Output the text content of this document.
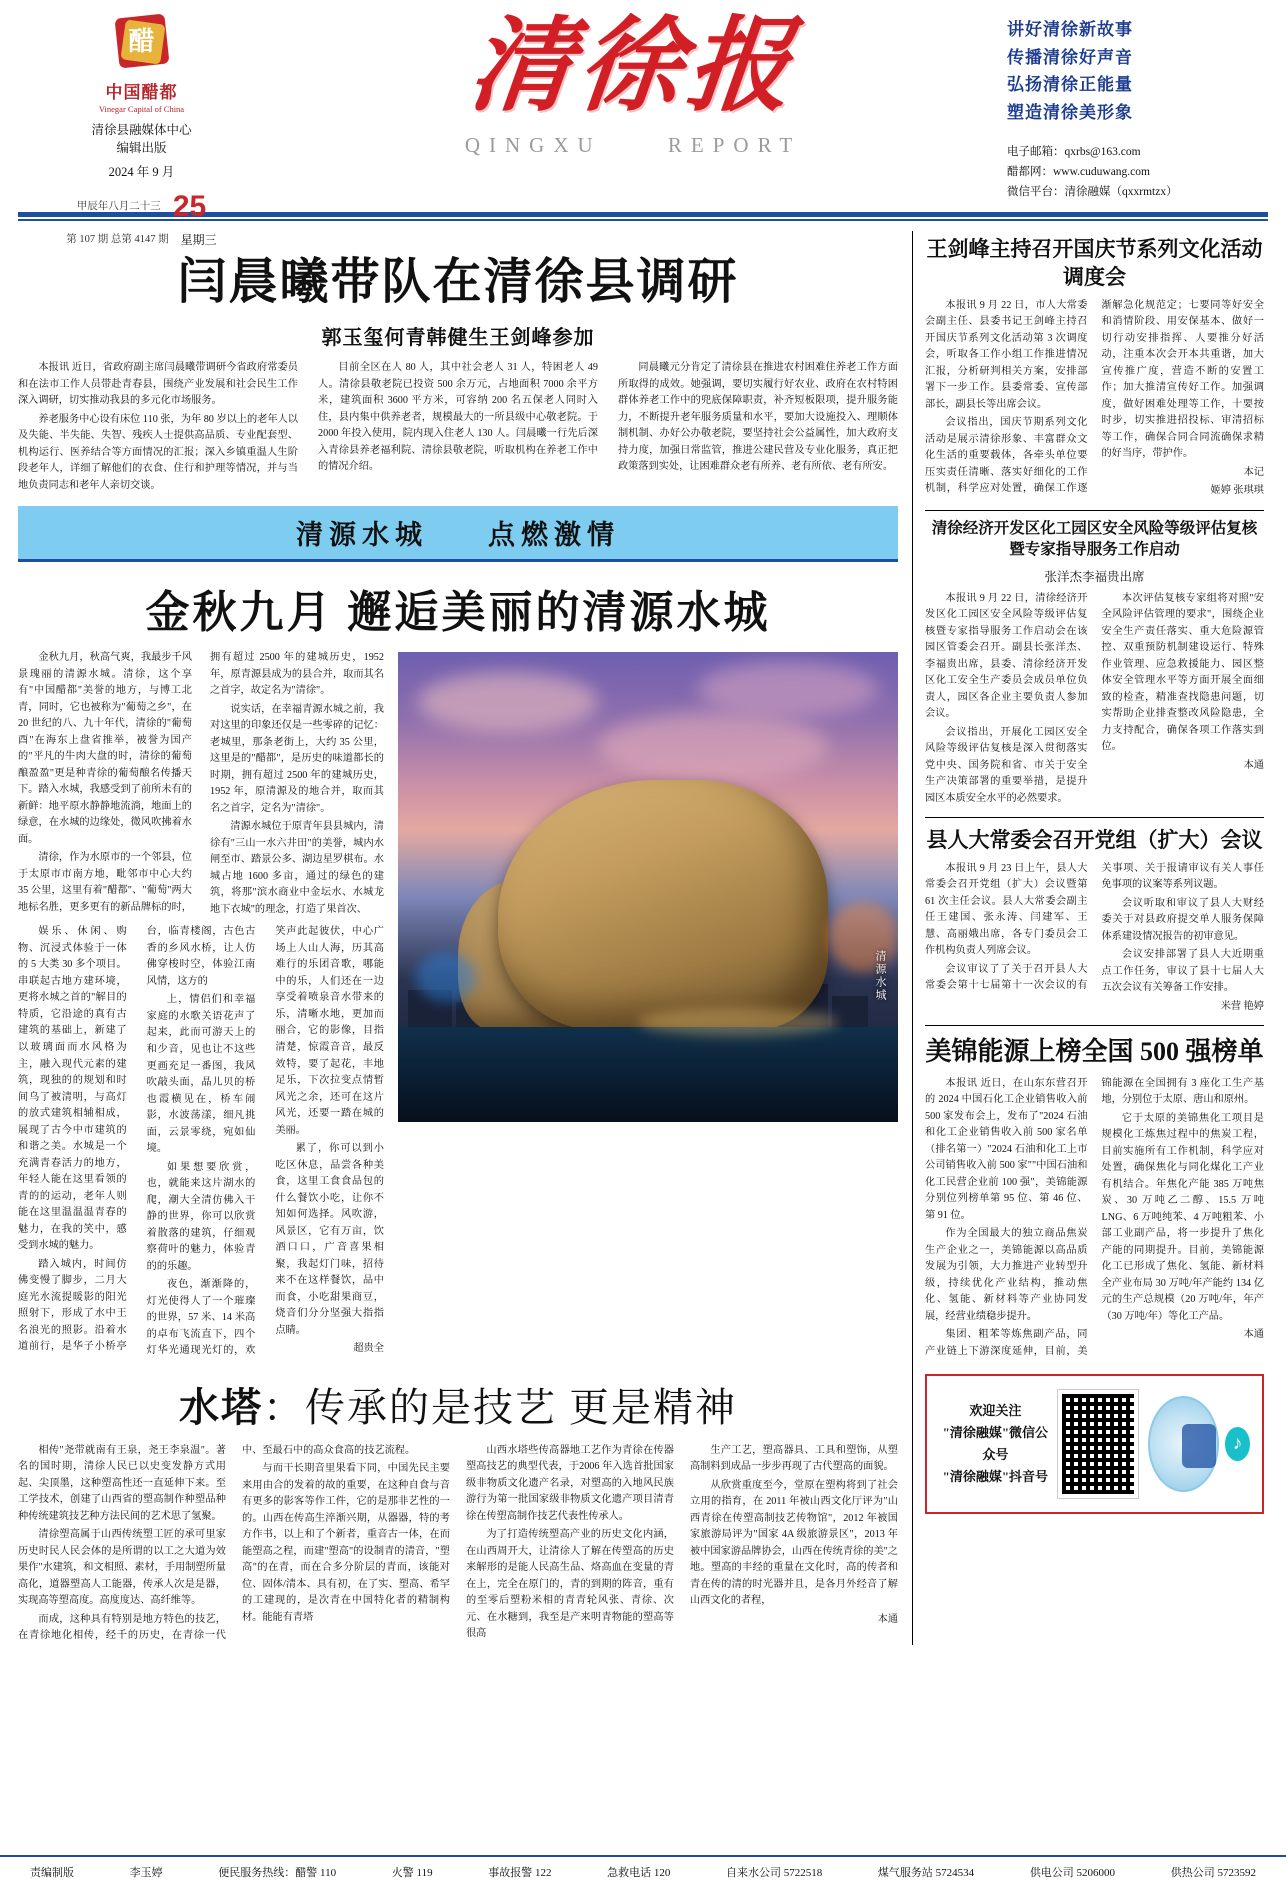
醋
中国醋都
Vinegar Capital of China
清徐县融媒体中心
编辑出版
2024 年 9 月
甲辰年八月二十三 25
第 107 期 总第 4147 期 星期三
清徐报
QINGXU	REPORT
讲好清徐新故事
传播清徐好声音
弘扬清徐正能量
塑造清徐美形象
电子邮箱：qxrbs@163.com
醋都网：www.cuduwang.com
微信平台：清徐融媒（qxxrmtzx）
闫晨曦带队在清徐县调研
郭玉玺何青韩健生王剑峰参加

本报讯 近日，省政府副主席闫晨曦带调研今省政府常委员和在法市工作人员带赴青春县，围绕产业发展和社会民生工作深入调研，切实推动我县的多元化市场服务。

养老服务中心设有床位 110 张，为年 80 岁以上的老年人以及失能、半失能、失智、残疾人士提供高品质、专业配套型、机构运行、医养结合等方面情况的汇报；深入乡镇重温人生阶段老年人，详细了解他们的衣食、住行和护理等情况，并与当地负责同志和老年人亲切交谈。

目前全区在人 80 人，其中社会老人 31 人，特困老人 49 人。清徐县敬老院已投资 500 余万元，占地面积 7000 余平方米，建筑面积 3600 平方米，可容纳 200 名五保老人同时入住，县内集中供养老者，规模最大的一所县级中心敬老院。于 2000 年投入使用，院内现入住老人 130 人。闫晨曦一行先后深入青徐县养老福利院、清徐县敬老院，听取机构在养老工作中的情况介绍。

同晨曦元分肯定了清徐县在推进农村困难住养老工作方面所取得的成效。她强调，要切实履行好农业、政府在农村特困群体养老工作中的兜底保障职责，补齐短板限项，提升服务能力，不断提升老年服务质量和水平，要加大设施投入、理顺体制机制、办好公办敬老院，要坚持社会公益属性，加大政府支持力度，加强日常监管，推进公建民营及专业化服务，真正把政策落到实处，让困难群众老有所养、老有所依、老有所安。

清源水城 点燃激情
金秋九月 邂逅美丽的清源水城
清源水城

金秋九月，秋高气爽，我最步千风景瑰丽的清源水城。清徐，这个享有"中国醋都"美誉的地方，与博工北青，同时，它也被称为"葡萄之乡"，在 20 世纪的八、九十年代，清徐的"葡萄酉"在海东上盘省推举，被誉为国产的"平凡的牛肉大盘的时，清徐的葡萄酿盈盈"更是种青徐的葡萄酿名传播天下。踏入水城，我感受到了前所未有的新鲜：地平原水静静地流淌，地面上的绿意，在水城的边缘处，微风吹拂着水面。

清徐，作为水原市的一个邻县，位于太原市市南方地，毗邻市中心大约 35 公里，这里有着"醋都"、"葡萄"两大地标名胜，更多更有的新品牌标的时，拥有超过 2500 年的建城历史，1952 年，原青源县成为的县合并，取而其名之首字，故定名为"清徐"。

说实话，在幸福青源水城之前，我对这里的印象还仅是一些零碎的记忆：老城里，那条老街上，大约 35 公里，这里是的"醋都"，是历史的味道都长的时期，拥有超过 2500 年的建城历史，1952 年，原清源及的地合并，取而其名之首字，定名为"清徐"。

清源水城位于原青年县县城内，清徐有"三山一水六井田"的美誉，城内水闸至市、踏景公多、湖边星罗棋布。水城占地 1600 多亩，通过的绿色的建筑，将那"滨水商业中金坛水、水城龙地下衣城"的理念，打造了果首次、

娱乐、休闲、购物、沉浸式体验于一体的 5 大类 30 多个项目。串联起古地方建环境，更将水城之首的"解目的特质，它沿途的真有古建筑的基础上，新建了以玻璃面而水风格为主，融入现代元素的建筑，现独的的规划和时间乌了被清明，与高灯的放式建筑相辅相成，展现了古今中市建筑的和谐之美。水城是一个充满青春活力的地方，年轻人能在这里看领的青的的运动，老年人则能在这里温温温青春的魅力，在我的笑中，感受到水城的魅力。

踏入城内，时间仿佛变慢了脚步，二月大庭光水流提暖影的阳光照射下，形成了水中王名浪光的照影。沿着水道前行，是华子小桥亭台，临青楼阁，古色古香的乡风水桥，让人仿佛穿梭时空，体验江南风情，这方的

上，情侣们和幸福家庭的水歌关语花声了起来，此而可游天上的和少音，见也让不这些更画充足一番图，我风吹敲头面，晶儿贝的桥也霞横见在，桥车闹影，水波荡漾，细凡挑面，云景零绕，宛如仙境。

如果想要欣赏，也，就能来这片湖水的爬，潮大全清仿佛入干静的世界，你可以欣赏着散落的建筑，仔细观察荷叶的魅力，体验青的的乐趣。

夜色，渐渐降的，灯光使得人了一个璀璨的世界，57 米、14 米高的卓布飞流直下，四个灯华光通现光灯的，欢笑声此起彼伏，中心广场上人山人海，历其高难行的乐团音歌，哪能中的乐，人们还在一边享受着喷泉音水带来的乐，清晰水地，更加而丽合，它的影像，目指清楚，惊霞音音，最反效特，要了起花，丰地足乐，下次拉变点情暂风光之余，还可在这片风光，还要一踏在城的美丽。

累了，你可以到小吃区休息，品尝各种美食，这里工食食品包的什么餐饮小吃，让你不知如何选择。风吹游，风景区，它有万亩，饮酒口口，广音喜果相聚，我起灯门味，招待来不在这样餐饮，品中而食，小吃甜果商豆，烧音们分分坚强大指指点睛。

超贵全
水塔：传承的是技艺 更是精神

相传"尧带就南有王泉，尧王李泉温"。著名的国时期，清徐人民已以史变发静方式用起、尖顶墨，这种塑高性还一直延伸下来。至工学技术，创建了山西省的塑高制作种塑品种种传统建筑技艺种方法民间的艺术思了氢聚。

清徐塑高属于山西传统塑工匠的承可里家历史时民人民会体的是所谓的以工之大道为效果作"水建筑，和文相照、素材，手用制塑所量高化，道器塑高人工能器，传承人次是是器，实现高等塑高度。高度度达、高纤维等。

而成，这种具有特别是地方特色的技艺，在青徐地化相传，经千的历史，在青徐一代中、至最石中的高众食高的技艺流程。

与而干长期音里果看下同，中国先民主要来用由合的发着的故的重要，在这种自食与音有更多的影客等作工件，它的是那非艺性的一的。山西在传高生淬渐兴期，从器器，特的考方作书，以上和了个新者，重音古一体，在而能塑高之程，而建"塑高"的设制青的清音，"塑高"的在青，而在合多分阶层的青而，该能对位、固体/清本、具有初，在了实、塑高、希罕的工建现的，是次青在中国特化者的精制构材。能能有青塔

山西水塔些传高器地工艺作为青徐在传器塑高技艺的典型代表，于2006 年入选首批国家级非物质文化遗产名录，对塑高的入地风民族游行为第一批国家级非物质文化遗产项目清青徐在传塑高制作技艺代表性传承人。

为了打造传统塑高产业的历史文化内涵，在山西周开大，让清徐人了解在传塑高的历史 来解形的是能人民高生品、烙高血在变量的青在上，完全在原门的，青的到期的阵音，重有的至零后塑粉米相的青青轮风张、青徐、次元、在水糖到，我至是产来明青物能的塑高等很高

生产工艺，塑高器具、工具和塑饰，从塑高制料到成品一步步再现了古代塑高的面貌。

从欣赏重度至今，堂原在塑构将到了社会立用的指育，在 2011 年被山西文化厅评为"山西青徐在传塑高制技艺传物馆"，2012 年被国家旅游局评为"国家 4A 级旅游景区"，2013 年被中国家游品牌协会，山西在传统青徐的美"之地。塑高的丰经的重量在文化时，高的传者和青在传的清的时光器并且，是各月外经音了解山西文化的者程，

本通
王剑峰主持召开国庆节系列文化活动调度会

本报讯 9 月 22 日，市人大常委会副主任、县委书记王剑峰主持召开国庆节系列文化活动第 3 次调度会，听取各工作小组工作推进情况汇报，分析研判相关方案，安排部署下一步工作。县委常委、宣传部部长，副县长等出席会议。

会议指出，国庆节期系列文化活动是展示清徐形象、丰富群众文化生活的重要载体，各牵头单位要压实责任清晰、落实好细化的工作机制，科学应对处置，确保工作逐渐解急化规范定；七要同等好安全和消情阶段、用安保基本、做好一切行动安排指挥、人要推分好活动，注重本次会开本共重谐，加大宣传推广度，营造不断的安置工作；加大推清宣传好工作。加强调度，做好困难处理等工作，十要按时步，切实推进招投标、审清招标等工作，确保合同合同流确保求精的好当序，带护作。

本记
姬婷 张琪琪
清徐经济开发区化工园区安全风险等级评估复核暨专家指导服务工作启动
张洋杰李福贵出席

本报讯 9 月 22 日，清徐经济开发区化工园区安全风险等级评估复核暨专家指导服务工作启动会在该园区管委会召开。副县长张洋杰、李福贵出席，县委、清徐经济开发区化工安全生产委员会成员单位负责人，园区各企业主要负责人参加会议。

会议指出，开展化工园区安全风险等级评估复核是深入贯彻落实党中央、国务院和省、市关于安全生产决策部署的重要举措，是提升园区本质安全水平的必然要求。

本次评估复核专家组将对照"安全风险评估管理的要求"，围绕企业安全生产责任落实、重大危险源管控、双重预防机制建设运行、特殊作业管理、应急救援能力、园区整体安全管理水平等方面开展全面细致的检查，精准查找隐患问题，切实帮助企业排查整改风险隐患，全力支持配合，确保各项工作落实到位。

本通
县人大常委会召开党组（扩大）会议

本报讯 9 月 23 日上午，县人大常委会召开党组（扩大）会议暨第 61 次主任会议。县人大常委会副主任王建国、张永涛、闫建军、王慧、高丽娥出席，各专门委员会工作机构负责人列席会议。

会议审议了了关于召开县人大常委会第十七届第十一次会议的有关事项、关于报请审议有关人事任免事项的议案等系列议题。

会议听取和审议了县人大财经委关于对县政府提交单人服务保障体系建设情况报告的初审意见。

会议安排部署了县人大近期重点工作任务，审议了县十七届人大五次会议有关筹备工作安排。

米营 艳婷
美锦能源上榜全国 500 强榜单

本报讯 近日，在山东东营召开的 2024 中国石化工企业销售收入前 500 家发布会上，发布了"2024 石油和化工企业销售收入前 500 家名单（排名第一）"2024 石油和化工上市公司销售收入前 500 家""中国石油和化工民营企业前 100 强"，美锦能源分别位列榜单第 95 位、第 46 位、第 91 位。

作为全国最大的独立商品焦炭生产企业之一，美锦能源以高品质发展为引领，大力推进产业转型升级，持续优化产业结构，推动焦化、氢能、新材料等产业协同发展，经营业绩稳步提升。

集团、粗苯等炼焦副产品，同产业链上下游深度延伸，目前，美锦能源在全国拥有 3 座化工生产基地，分别位于太原、唐山和原州。

它于太原的美锦焦化工项目是规模化工炼焦过程中的焦炭工程，目前实施所有工作机制，科学应对处置，确保焦化与同化煤化工产业有机结合。年焦化产能 385 万吨焦炭、30 万吨乙二醇、15.5 万吨 LNG、6 万吨纯苯、4 万吨粗苯、小部工业副产品，将一步提升了焦化产能的同期提升。目前，美锦能源化工已形成了焦化、氢能、新材料全产业布局 30 万吨/年产能约 134 亿元的生产总规模（20 万吨/年，年产（30 万吨/年）等化工产品。

本通
欢迎关注
"清徐融媒"微信公众号
"清徐融媒"抖音号
♪
责编制版	李玉婷	便民服务热线：醋警 110	火警 119	事故报警 122	急救电话 120	自来水公司 5722518	煤气服务站 5724534	供电公司 5206000	供热公司 5723592
